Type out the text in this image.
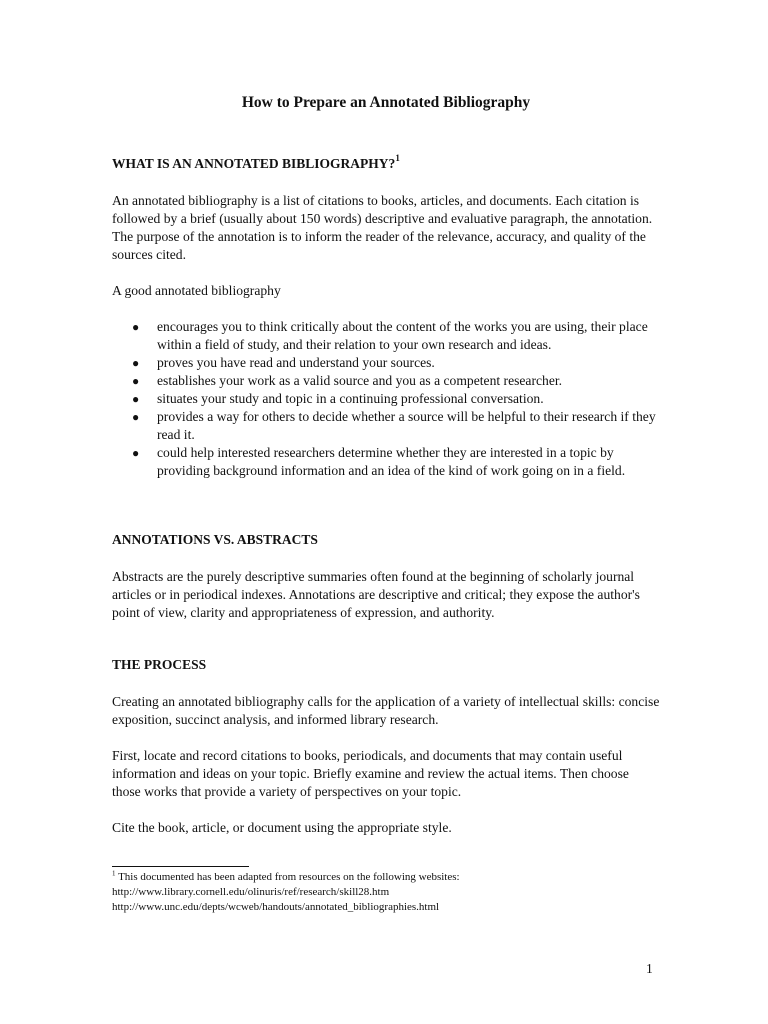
How to Prepare an Annotated Bibliography
WHAT IS AN ANNOTATED BIBLIOGRAPHY?$^1$

An annotated bibliography is a list of citations to books, articles, and documents. Each citation is followed by a brief (usually about 150 words) descriptive and evaluative paragraph, the annotation. The purpose of the annotation is to inform the reader of the relevance, accuracy, and quality of the sources cited.

A good annotated bibliography

● encourages you to think critically about the content of the works you are using, their place within a field of study, and their relation to your own research and ideas.
● proves you have read and understand your sources.
● establishes your work as a valid source and you as a competent researcher.
● situates your study and topic in a continuing professional conversation.
● provides a way for others to decide whether a source will be helpful to their research if they read it.
● could help interested researchers determine whether they are interested in a topic by providing background information and an idea of the kind of work going on in a field.
ANNOTATIONS VS. ABSTRACTS

Abstracts are the purely descriptive summaries often found at the beginning of scholarly journal articles or in periodical indexes. Annotations are descriptive and critical; they expose the author's point of view, clarity and appropriateness of expression, and authority.

THE PROCESS

Creating an annotated bibliography calls for the application of a variety of intellectual skills: concise exposition, succinct analysis, and informed library research.

First, locate and record citations to books, periodicals, and documents that may contain useful information and ideas on your topic. Briefly examine and review the actual items. Then choose those works that provide a variety of perspectives on your topic.

Cite the book, article, or document using the appropriate style.

$^1$ This documented has been adapted from resources on the following websites:
http://www.library.cornell.edu/olinuris/ref/research/skill28.htm
http://www.unc.edu/depts/wcweb/handouts/annotated_bibliographies.html
1
